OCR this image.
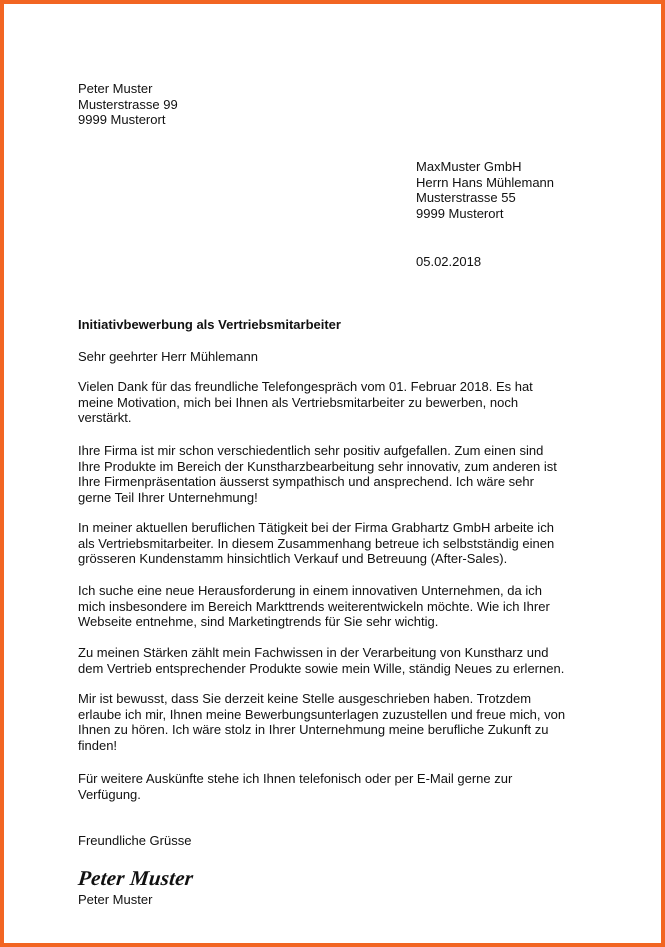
Peter Muster
Musterstrasse 99
9999 Musterort
MaxMuster GmbH
Herrn Hans Mühlemann
Musterstrasse 55
9999 Musterort
05.02.2018
Initiativbewerbung als Vertriebsmitarbeiter
Sehr geehrter Herr Mühlemann
Vielen Dank für das freundliche Telefongespräch vom 01. Februar 2018. Es hat
meine Motivation, mich bei Ihnen als Vertriebsmitarbeiter zu bewerben, noch
verstärkt.
Ihre Firma ist mir schon verschiedentlich sehr positiv aufgefallen. Zum einen sind
Ihre Produkte im Bereich der Kunstharzbearbeitung sehr innovativ, zum anderen ist
Ihre Firmenpräsentation äusserst sympathisch und ansprechend. Ich wäre sehr
gerne Teil Ihrer Unternehmung!
In meiner aktuellen beruflichen Tätigkeit bei der Firma Grabhartz GmbH arbeite ich
als Vertriebsmitarbeiter. In diesem Zusammenhang betreue ich selbstständig einen
grösseren Kundenstamm hinsichtlich Verkauf und Betreuung (After-Sales).
Ich suche eine neue Herausforderung in einem innovativen Unternehmen, da ich
mich insbesondere im Bereich Markttrends weiterentwickeln möchte. Wie ich Ihrer
Webseite entnehme, sind Marketingtrends für Sie sehr wichtig.
Zu meinen Stärken zählt mein Fachwissen in der Verarbeitung von Kunstharz und
dem Vertrieb entsprechender Produkte sowie mein Wille, ständig Neues zu erlernen.
Mir ist bewusst, dass Sie derzeit keine Stelle ausgeschrieben haben. Trotzdem
erlaube ich mir, Ihnen meine Bewerbungsunterlagen zuzustellen und freue mich, von
Ihnen zu hören. Ich wäre stolz in Ihrer Unternehmung meine berufliche Zukunft zu
finden!
Für weitere Auskünfte stehe ich Ihnen telefonisch oder per E-Mail gerne zur
Verfügung.
Freundliche Grüsse
Peter Muster
Peter Muster
